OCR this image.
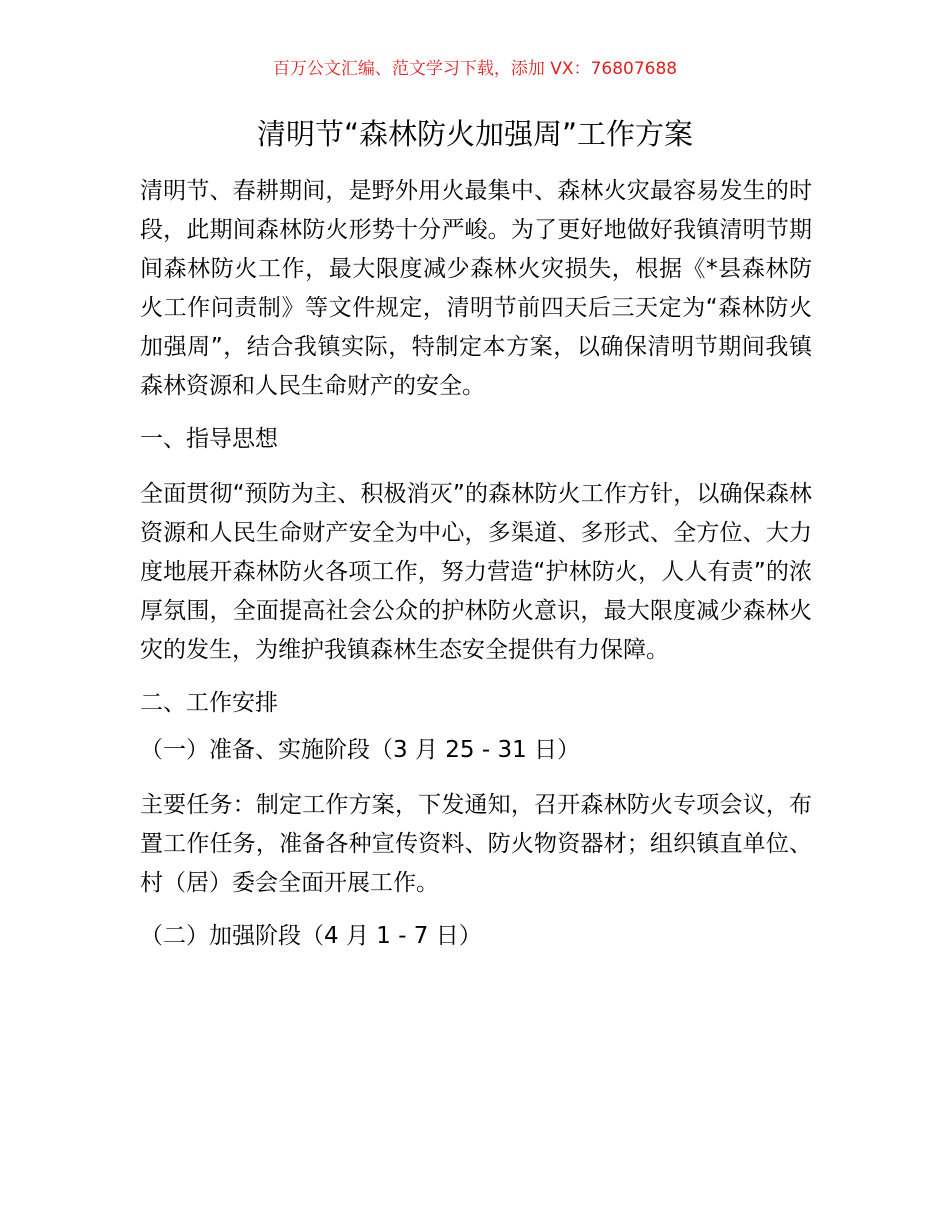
百万公文汇编、范文学习下载，添加 VX：76807688
清明节“森林防火加强周”工作方案

清明节、春耕期间，是野外用火最集中、森林火灾最容易发生的时段，此期间森林防火形势十分严峻。为了更好地做好我镇清明节期间森林防火工作，最大限度减少森林火灾损失，根据《*县森林防火工作问责制》等文件规定，清明节前四天后三天定为“森林防火加强周”，结合我镇实际，特制定本方案，以确保清明节期间我镇森林资源和人民生命财产的安全。

一、指导思想

全面贯彻“预防为主、积极消灭”的森林防火工作方针，以确保森林资源和人民生命财产安全为中心，多渠道、多形式、全方位、大力度地展开森林防火各项工作，努力营造“护林防火，人人有责”的浓厚氛围，全面提高社会公众的护林防火意识，最大限度减少森林火灾的发生，为维护我镇森林生态安全提供有力保障。

二、工作安排

（一）准备、实施阶段（3 月 25 - 31 日）

主要任务：制定工作方案，下发通知，召开森林防火专项会议，布置工作任务，准备各种宣传资料、防火物资器材；组织镇直单位、村（居）委会全面开展工作。

（二）加强阶段（4 月 1 - 7 日）
